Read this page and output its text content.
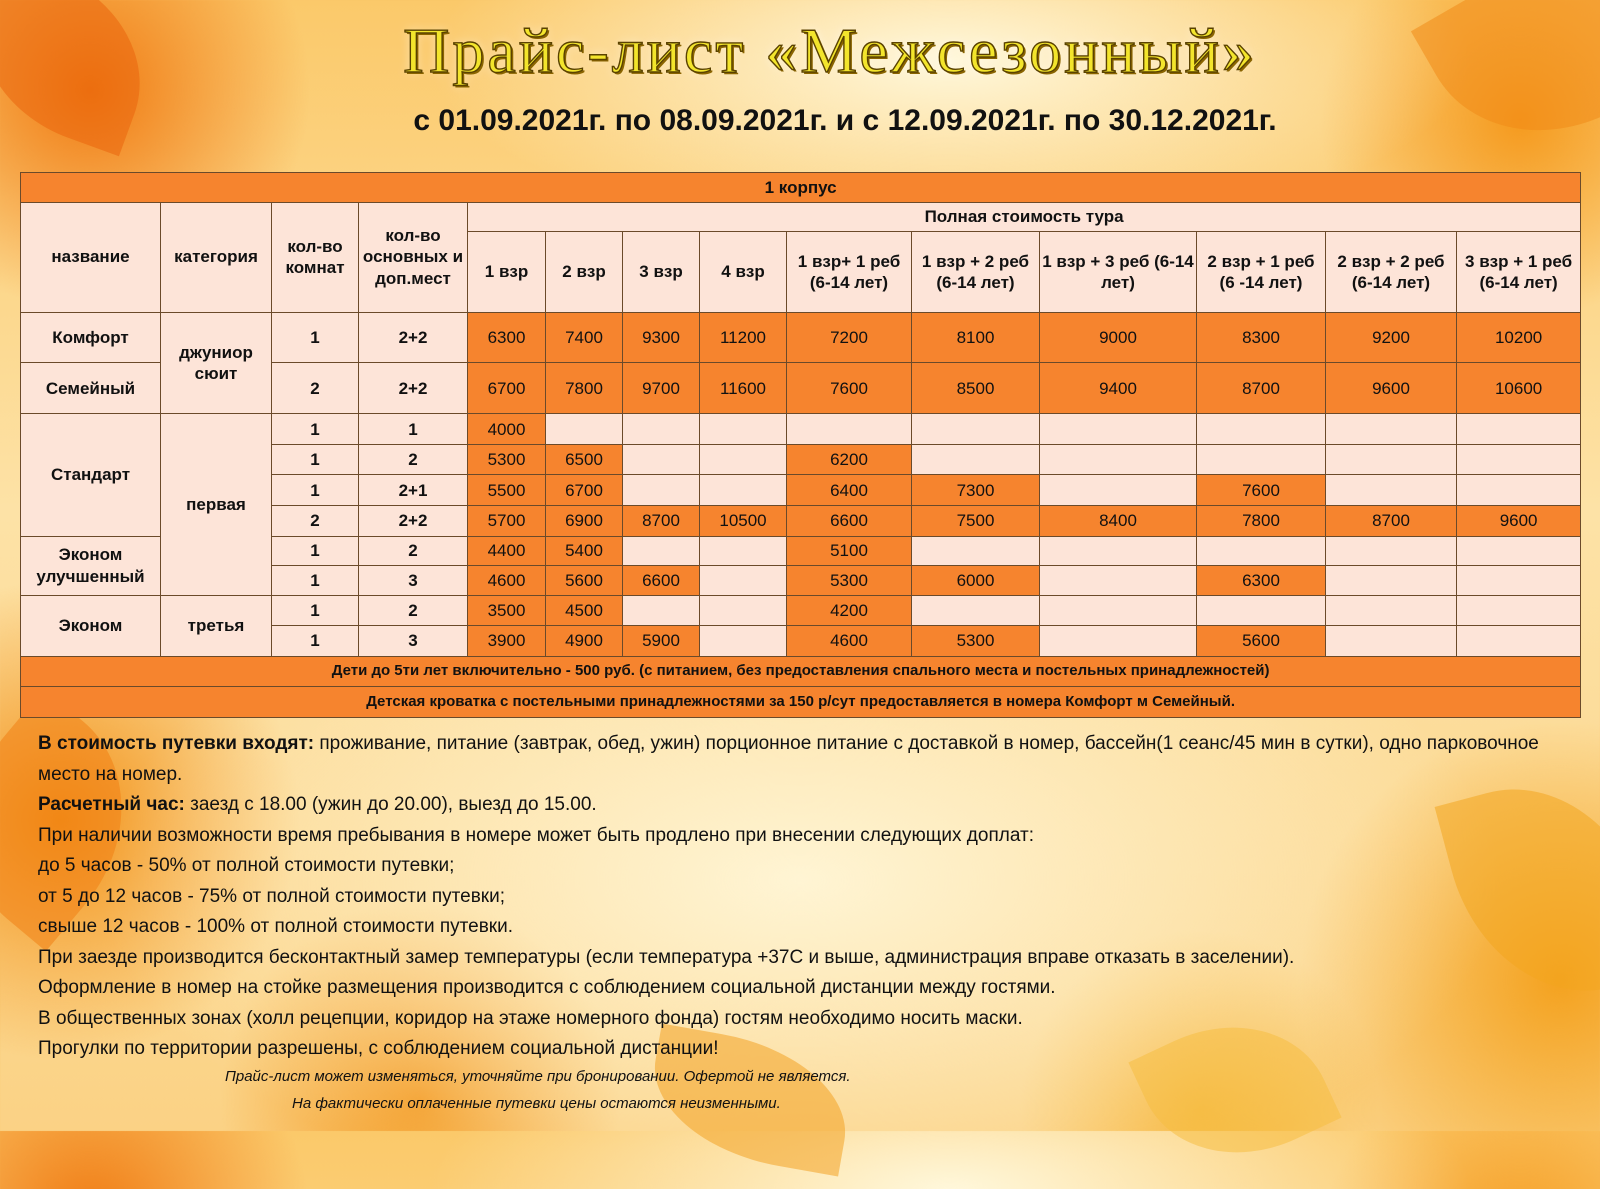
Прайс-лист «Межсезонный»
с 01.09.2021г. по 08.09.2021г. и с 12.09.2021г. по 30.12.2021г.
1 корпус													
название	категория	кол-во комнат	кол-во основных и доп.мест	Полная стоимость тура									
				1 взр	2 взр	3 взр	4 взр	1 взр+ 1 реб (6-14 лет)	1 взр + 2 реб (6-14 лет)	1 взр + 3 реб (6-14 лет)	2 взр + 1 реб (6 -14 лет)	2 взр + 2 реб (6-14 лет)	3 взр + 1 реб (6-14 лет)
Комфорт	джуниор сюит	1	2+2	6300	7400	9300	11200	7200	8100	9000	8300	9200	10200
Семейный		2	2+2	6700	7800	9700	11600	7600	8500	9400	8700	9600	10600
Стандарт	первая	1	1	4000									
		1	2	5300	6500			6200					
		1	2+1	5500	6700			6400	7300		7600		
		2	2+2	5700	6900	8700	10500	6600	7500	8400	7800	8700	9600
Эконом улучшенный		1	2	4400	5400			5100					
		1	3	4600	5600	6600		5300	6000		6300		
Эконом	третья	1	2	3500	4500			4200					
		1	3	3900	4900	5900		4600	5300		5600		
Дети до 5ти лет включительно - 500 руб. (с питанием, без предоставления спального места и постельных принадлежностей)													
Детская кроватка с постельными принадлежностями за 150 р/сут предоставляется в номера Комфорт м Семейный.													

В стоимость путевки входят: проживание, питание (завтрак, обед, ужин) порционное питание с доставкой в номер, бассейн(1 сеанс/45 мин в сутки), одно парковочное место на номер.

Расчетный час: заезд с 18.00 (ужин до 20.00), выезд до 15.00.

При наличии возможности время пребывания в номере может быть продлено при внесении следующих доплат:

до 5 часов - 50% от полной стоимости путевки;

от 5 до 12 часов - 75% от полной стоимости путевки;

свыше 12 часов - 100% от полной стоимости путевки.

При заезде производится бесконтактный замер температуры (если температура +37С и выше, администрация вправе отказать в заселении).

Оформление в номер на стойке размещения производится с соблюдением социальной дистанции между гостями.

В общественных зонах (холл рецепции, коридор на этаже номерного фонда) гостям необходимо носить маски.

Прогулки по территории разрешены, с соблюдением социальной дистанции!

Прайс-лист может изменяться, уточняйте при бронировании. Офертой не является.
На фактически оплаченные путевки цены остаются неизменными.
